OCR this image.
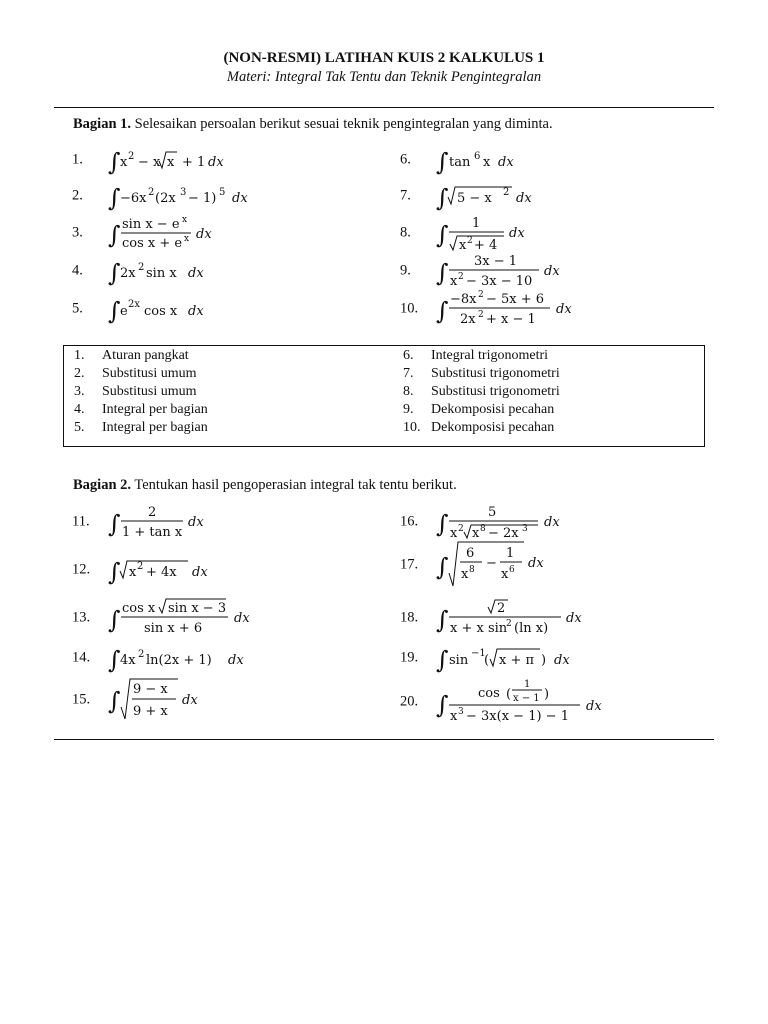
(NON-RESMI) LATIHAN KUIS 2 KALKULUS 1
Materi: Integral Tak Tentu dan Teknik Pengintegralan
Bagian 1. Selesaikan persoalan berikut sesuai teknik pengintegralan yang diminta.
1. ∫ x 2 − x x + 1 dx
2. ∫ −6x 2 (2x 3 − 1) 5 dx
3. ∫ sin x − e x
cos x + e x dx
4. ∫ 2x 2 sin x dx
5. ∫ e 2x cos x dx
6. ∫ tan 6 x dx
7. ∫ 5 − x 2 dx
8. ∫ 1
x 2 + 4
dx
9. ∫ 3x − 1
x 2 − 3x − 10
dx
10. ∫ −8x 2 − 5x + 6
2x 2 + x − 1
dx
1. Aturan pangkat
2. Substitusi umum
3. Substitusi umum
4. Integral per bagian
5. Integral per bagian
6. Integral trigonometri
7. Substitusi trigonometri
8. Substitusi trigonometri
9. Dekomposisi pecahan
10. Dekomposisi pecahan
Bagian 2. Tentukan hasil pengoperasian integral tak tentu berikut.
11. ∫ 2
1 + tan x
dx
12. ∫ x 2 + 4x dx
13. ∫ cos x sin x − 3
sin x + 6
dx
14. ∫ 4x 2 ln(2x + 1) dx
15. ∫ 9 − x
9 + x
dx
16. ∫	5
x 2 x 8 − 2x 3 dx
17. ∫ 6
x 8 −
1
x 6 dx
18. ∫	2
x + x sin
2 (ln x)
dx
19. ∫ sin −1
( x + π ) dx
20. ∫ cos (
1
x − 1 )
x 3 − 3x(x − 1) − 1
dx
